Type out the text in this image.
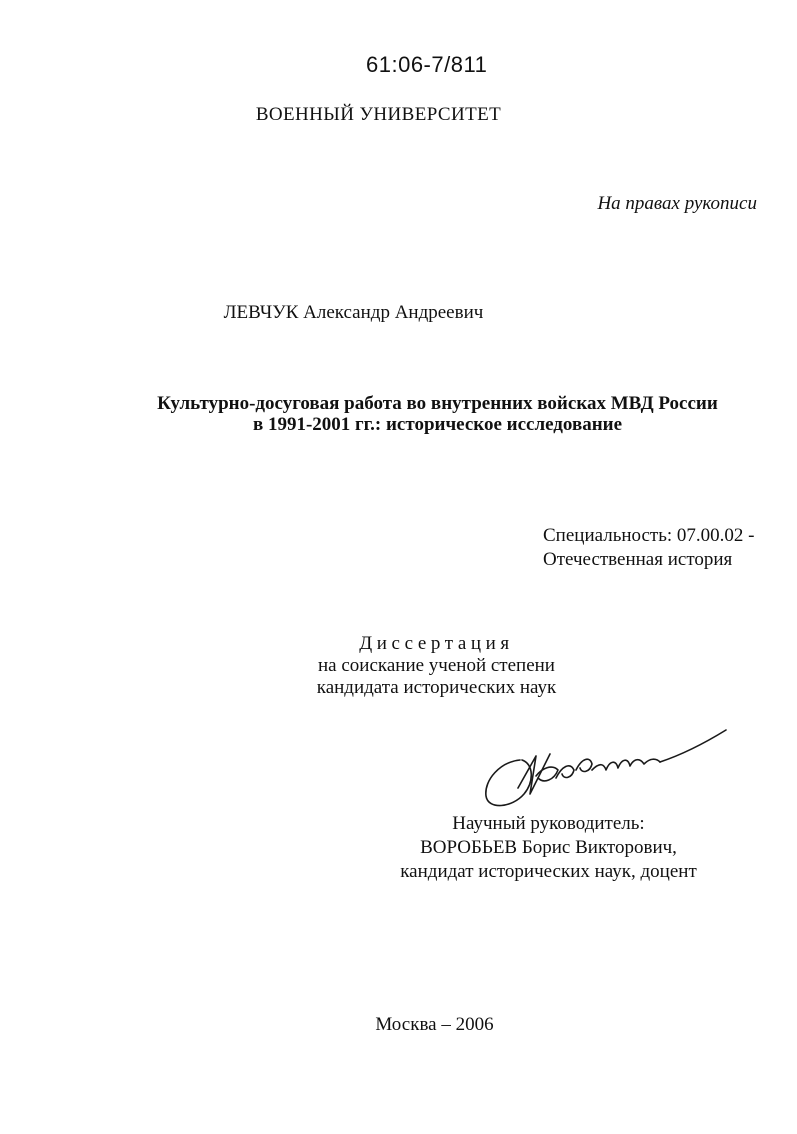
61:06-7/811
ВОЕННЫЙ УНИВЕРСИТЕТ
На правах рукописи
ЛЕВЧУК Александр Андреевич
Культурно-досуговая работа во внутренних войсках МВД России
в 1991-2001 гг.: историческое исследование
Специальность: 07.00.02 -
Отечественная история
Диссертация
на соискание ученой степени
кандидата исторических наук
Научный руководитель:
ВОРОБЬЕВ Борис Викторович,
кандидат исторических наук, доцент
Москва – 2006
